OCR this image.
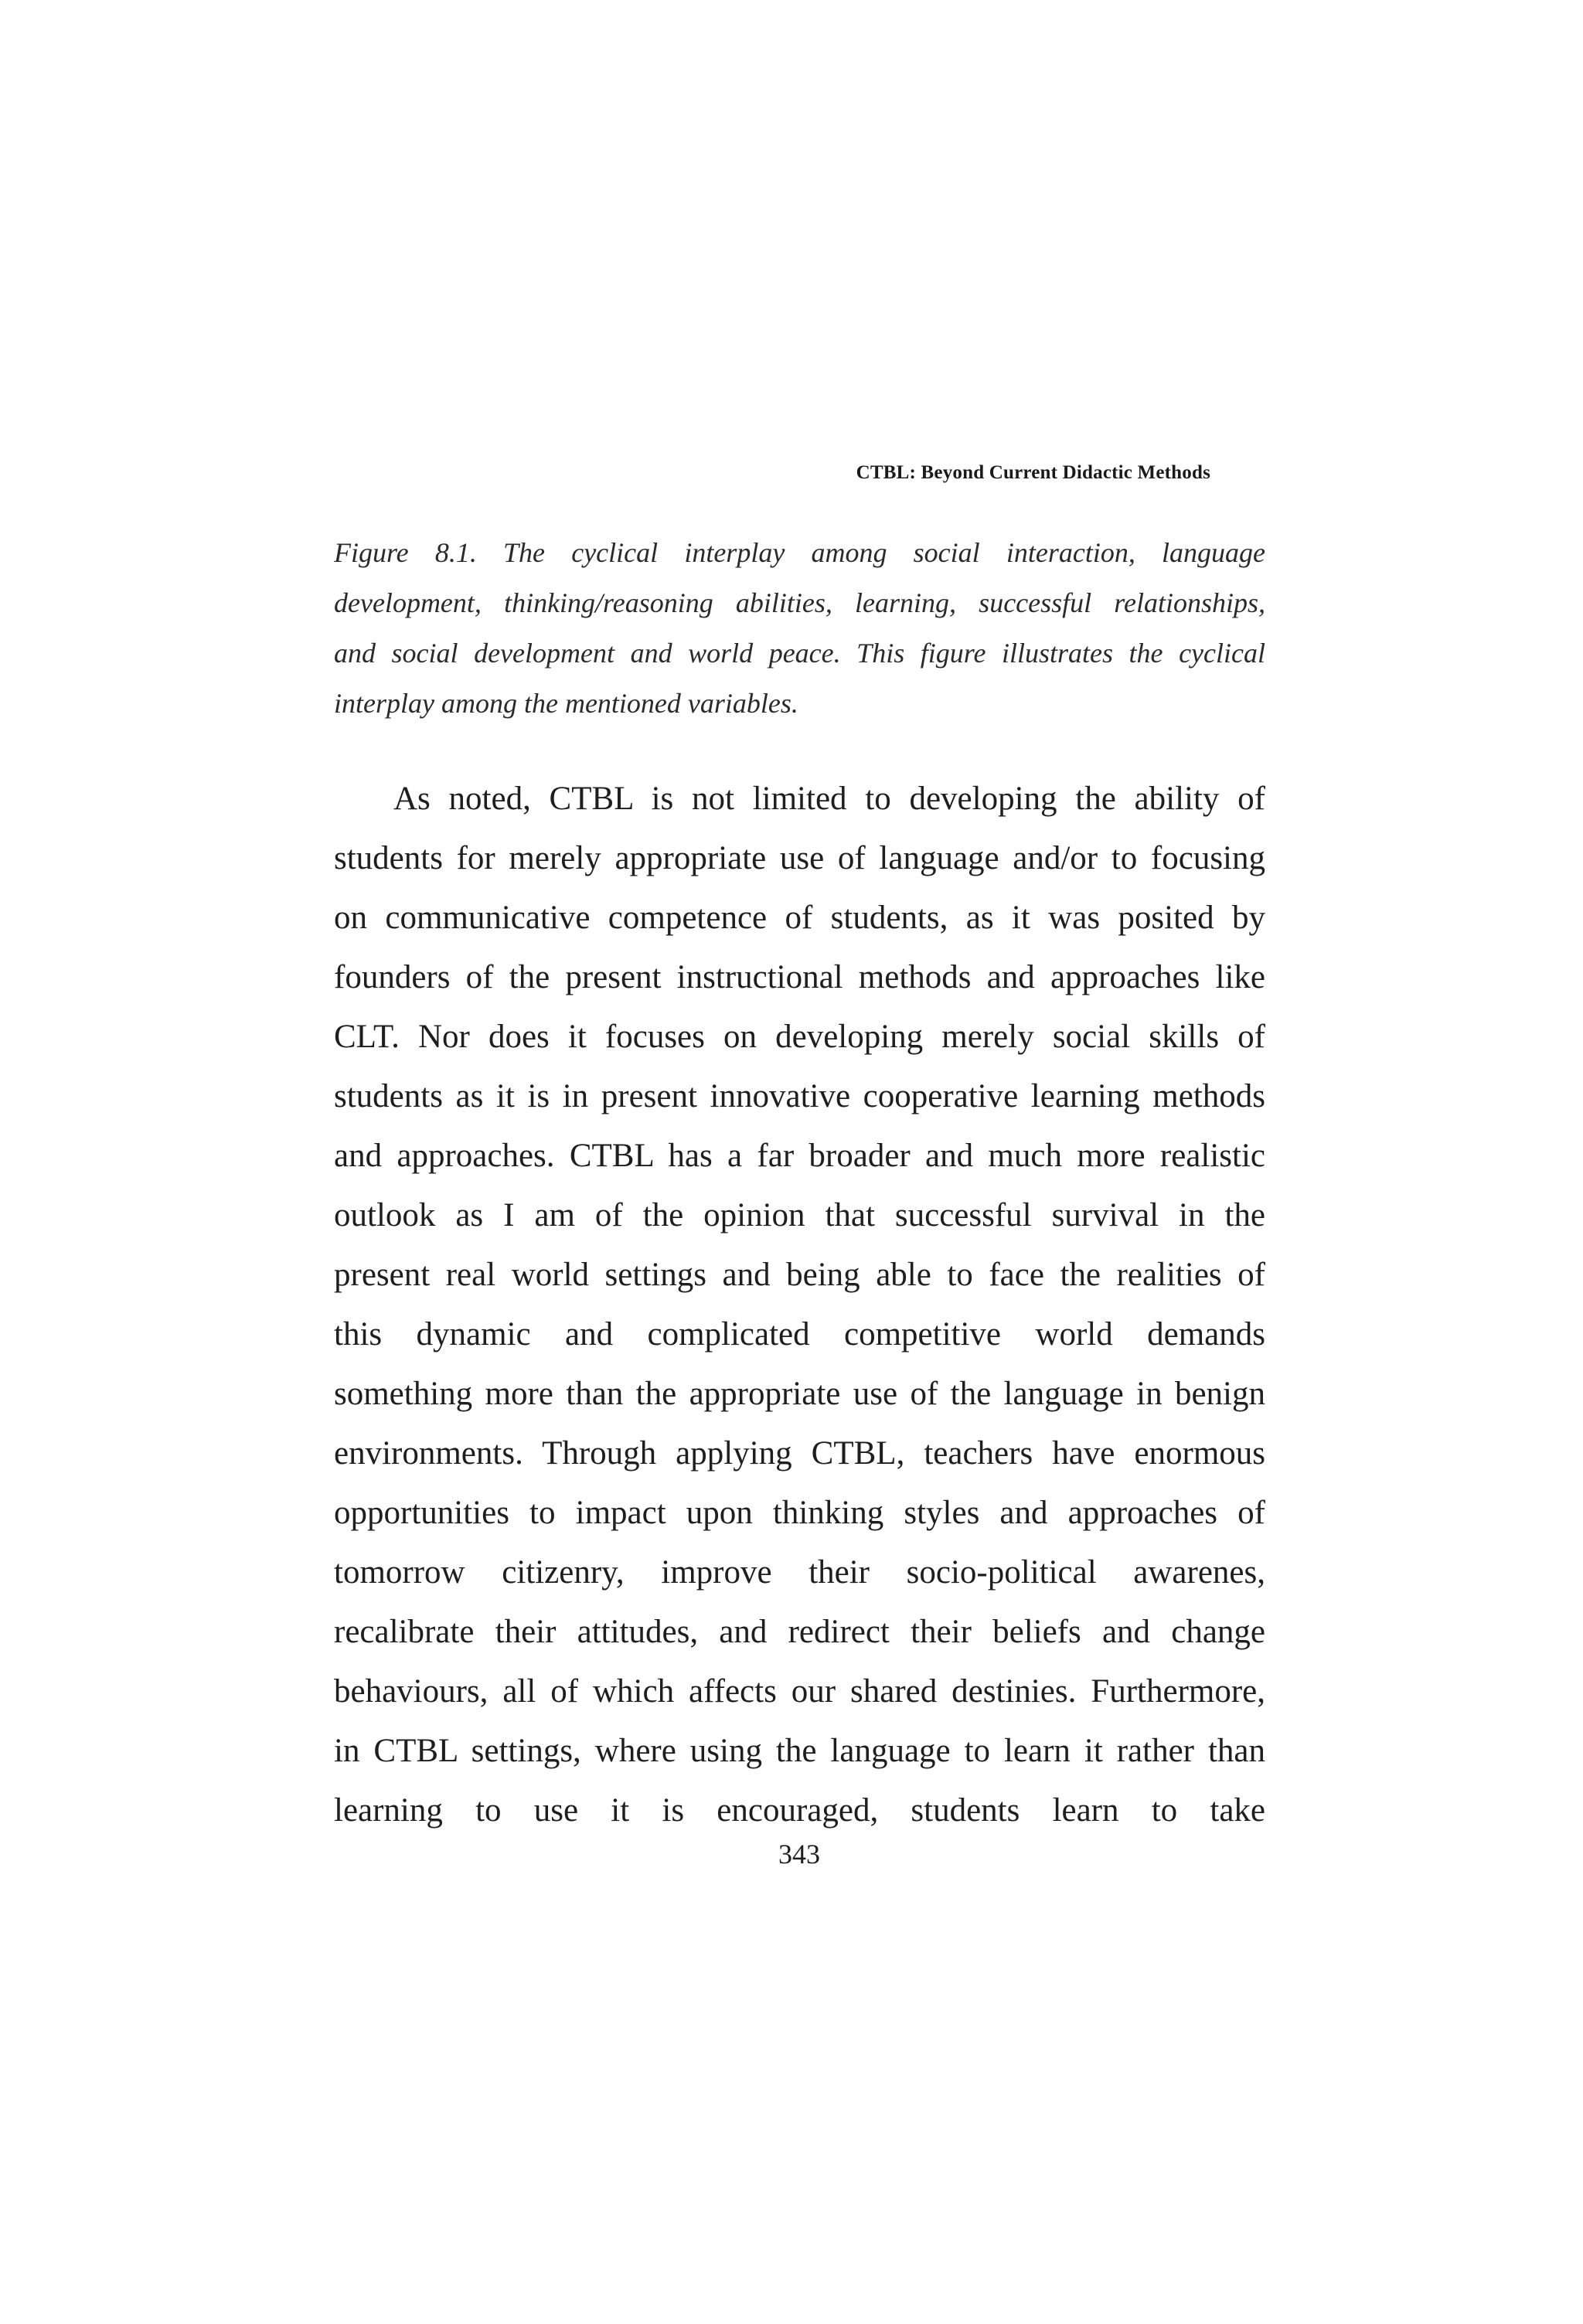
CTBL: Beyond Current Didactic Methods
Figure 8.1. The cyclical interplay among social interaction, language
development, thinking/reasoning abilities, learning, successful relationships,
and social development and world peace. This figure illustrates the cyclical
interplay among the mentioned variables.
As noted, CTBL is not limited to developing the ability of
students for merely appropriate use of language and/or to focusing
on communicative competence of students, as it was posited by
founders of the present instructional methods and approaches like
CLT. Nor does it focuses on developing merely social skills of
students as it is in present innovative cooperative learning methods
and approaches. CTBL has a far broader and much more realistic
outlook as I am of the opinion that successful survival in the
present real world settings and being able to face the realities of
this dynamic and complicated competitive world demands
something more than the appropriate use of the language in benign
environments. Through applying CTBL, teachers have enormous
opportunities to impact upon thinking styles and approaches of
tomorrow citizenry, improve their socio-political awarenes,
recalibrate their attitudes, and redirect their beliefs and change
behaviours, all of which affects our shared destinies. Furthermore,
in CTBL settings, where using the language to learn it rather than
learning to use it is encouraged, students learn to take
343
